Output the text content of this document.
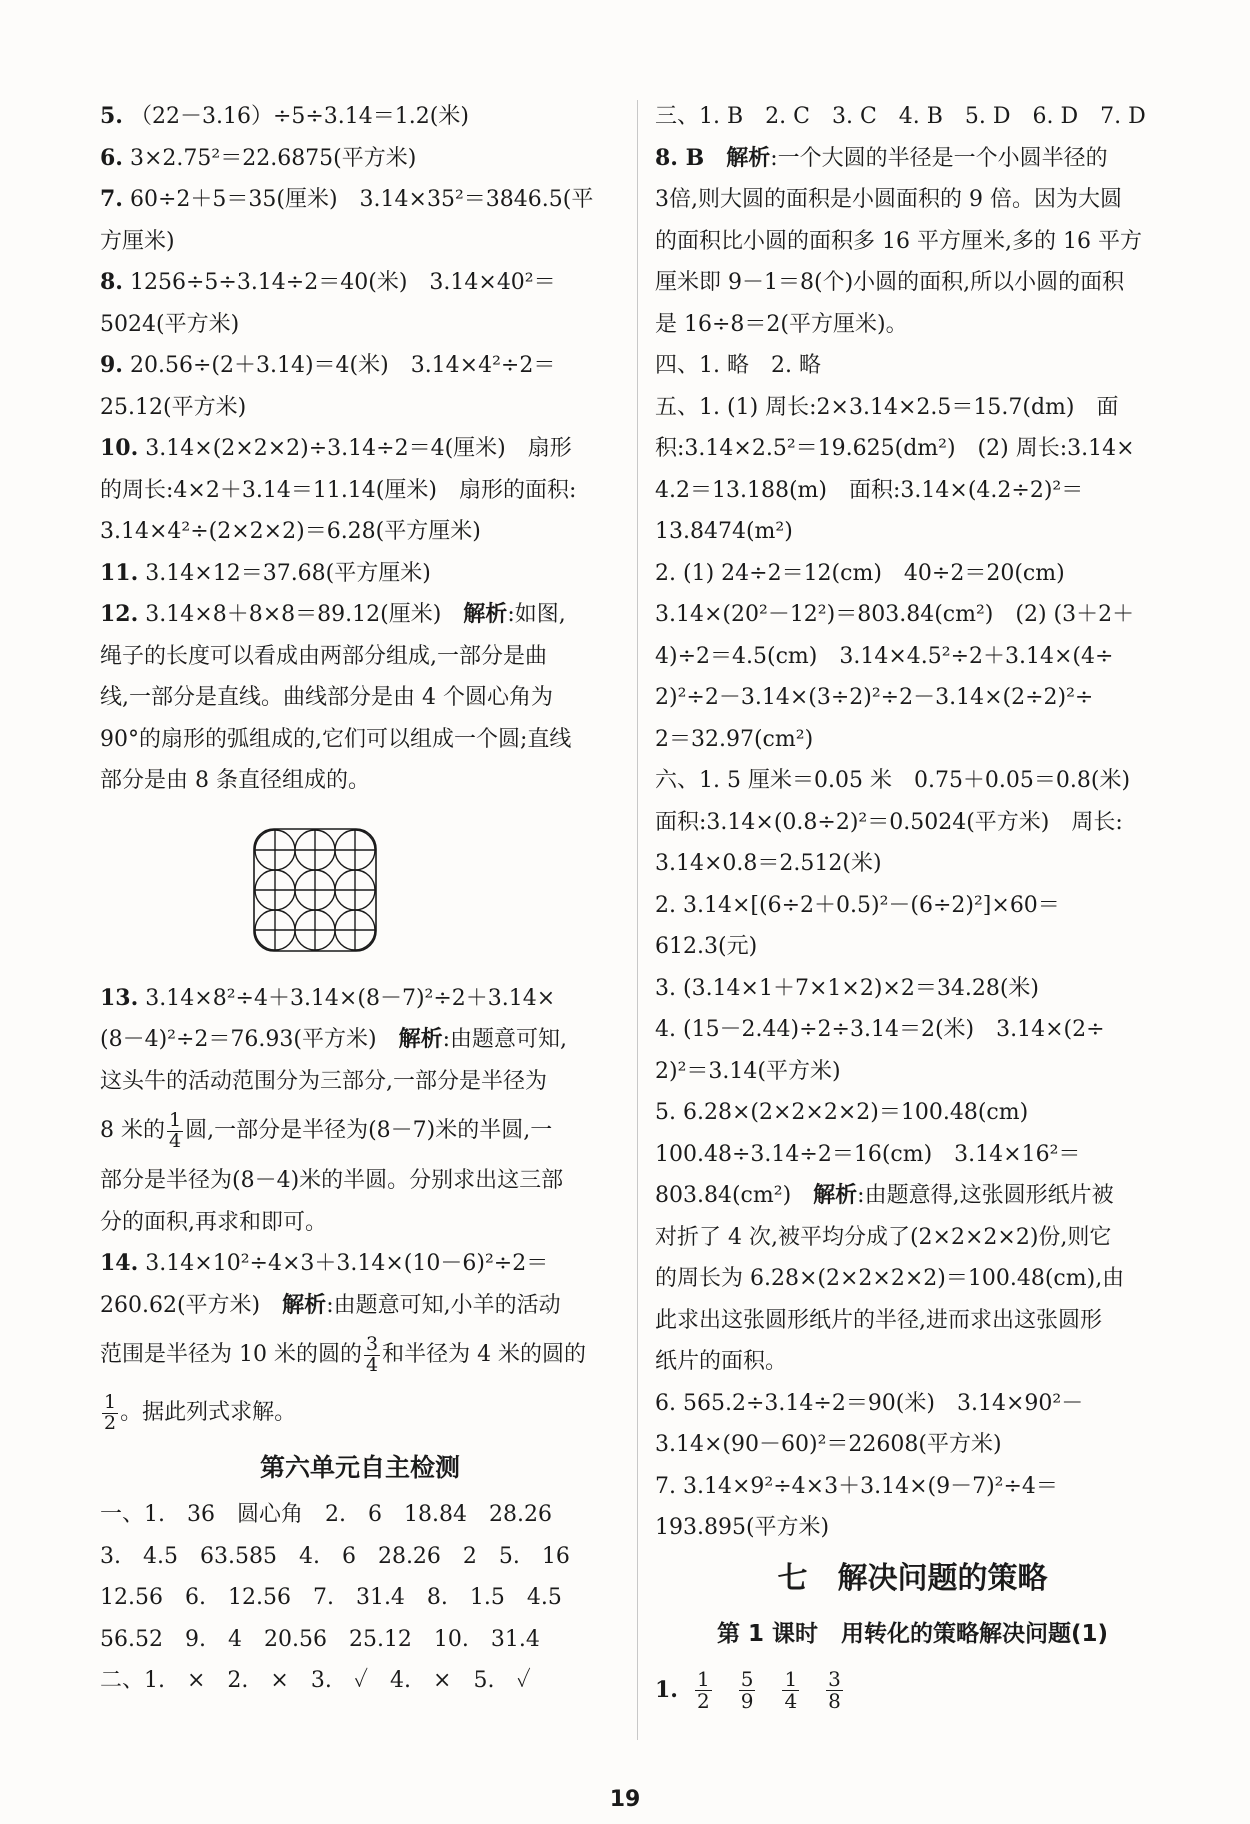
5. （22－3.16）÷5÷3.14＝1.2(米)
6. 3×2.75²＝22.6875(平方米)
7. 60÷2＋5＝35(厘米)　3.14×35²＝3846.5(平
方厘米)
8. 1256÷5÷3.14÷2＝40(米)　3.14×40²＝
5024(平方米)
9. 20.56÷(2＋3.14)＝4(米)　3.14×4²÷2＝
25.12(平方米)
10. 3.14×(2×2×2)÷3.14÷2＝4(厘米)　扇形
的周长:4×2＋3.14＝11.14(厘米)　扇形的面积:
3.14×4²÷(2×2×2)＝6.28(平方厘米)
11. 3.14×12＝37.68(平方厘米)
12. 3.14×8＋8×8＝89.12(厘米)　 解析:如图,
绳子的长度可以看成由两部分组成,一部分是曲
线,一部分是直线。曲线部分是由 4 个圆心角为
90°的扇形的弧组成的,它们可以组成一个圆;直线
部分是由 8 条直径组成的。
13. 3.14×8²÷4＋3.14×(8－7)²÷2＋3.14×
(8－4)²÷2＝76.93(平方米)　 解析:由题意可知,
这头牛的活动范围分为三部分,一部分是半径为
8 米的 $\frac{1}{4}$ 圆,一部分是半径为(8－7)米的半圆,一
部分是半径为(8－4)米的半圆。分别求出这三部
分的面积,再求和即可。
14. 3.14×10²÷4×3＋3.14×(10－6)²÷2＝
260.62(平方米)　 解析:由题意可知,小羊的活动
范围是半径为 10 米的圆的 $\frac{3}{4}$ 和半径为 4 米的圆的
$\frac{1}{2}$ 。据此列式求解。
第六单元自主检测
一、1.　36　圆心角　2.　6　18.84　28.26
3.　4.5　63.585　4.　6　28.26　2　5.　16
12.56　6.　12.56　7.　31.4　8.　1.5　4.5
56.52　9.　4　20.56　25.12　10.　31.4
二、1.　×　2.　×　3.　✓　4.　×　5.　✓
三、1. B　2. C　3. C　4. B　5. D　6. D　7. D
8. B　解析:一个大圆的半径是一个小圆半径的
3倍,则大圆的面积是小圆面积的 9 倍。因为大圆
的面积比小圆的面积多 16 平方厘米,多的 16 平方
厘米即 9－1＝8(个)小圆的面积,所以小圆的面积
是 16÷8＝2(平方厘米)。
四、1. 略　2. 略
五、1. (1) 周长:2×3.14×2.5＝15.7(dm)　面
积:3.14×2.5²＝19.625(dm²)　(2) 周长:3.14×
4.2＝13.188(m)　面积:3.14×(4.2÷2)²＝
13.8474(m²)
2. (1) 24÷2＝12(cm)　40÷2＝20(cm)
3.14×(20²－12²)＝803.84(cm²)　(2) (3＋2＋
4)÷2＝4.5(cm)　3.14×4.5²÷2＋3.14×(4÷
2)²÷2－3.14×(3÷2)²÷2－3.14×(2÷2)²÷
2＝32.97(cm²)
六、1. 5 厘米＝0.05 米　0.75＋0.05＝0.8(米)
面积:3.14×(0.8÷2)²＝0.5024(平方米)　周长:
3.14×0.8＝2.512(米)
2. 3.14×[(6÷2＋0.5)²－(6÷2)²]×60＝
612.3(元)
3. (3.14×1＋7×1×2)×2＝34.28(米)
4. (15－2.44)÷2÷3.14＝2(米)　3.14×(2÷
2)²＝3.14(平方米)
5. 6.28×(2×2×2×2)＝100.48(cm)
100.48÷3.14÷2＝16(cm)　3.14×16²＝
803.84(cm²)　解析:由题意得,这张圆形纸片被
对折了 4 次,被平均分成了(2×2×2×2)份,则它
的周长为 6.28×(2×2×2×2)＝100.48(cm),由
此求出这张圆形纸片的半径,进而求出这张圆形
纸片的面积。
6. 565.2÷3.14÷2＝90(米)　3.14×90²－
3.14×(90－60)²＝22608(平方米)
7. 3.14×9²÷4×3＋3.14×(9－7)²÷4＝
193.895(平方米)
七　解决问题的策略
第 1 课时　用转化的策略解决问题(1)
1. $\frac{1}{2}$
$\frac{5}{9}$
$\frac{1}{4}$
$\frac{3}{8}$
19
